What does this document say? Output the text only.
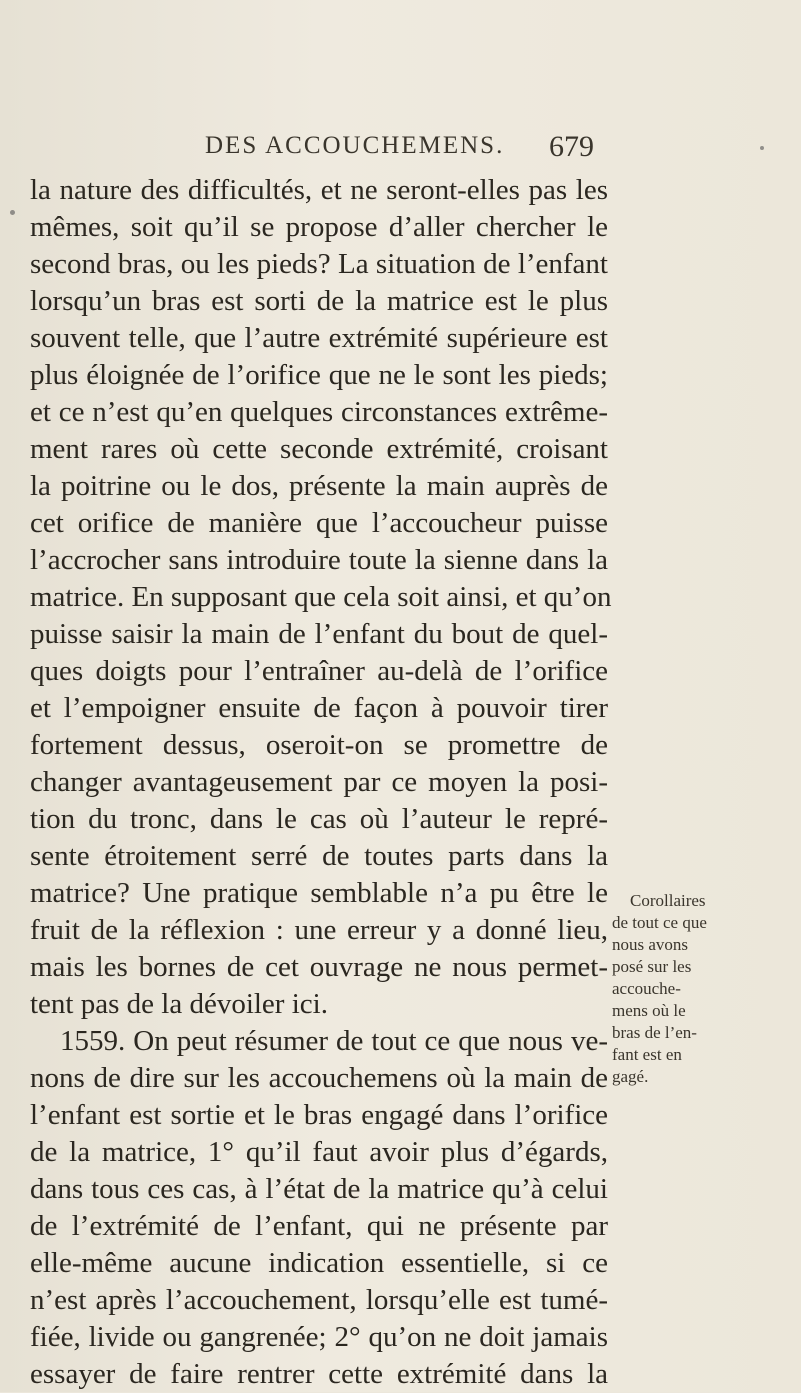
DES ACCOUCHEMENS. 679
la nature des difficultés, et ne seront-elles pas les
mêmes, soit qu’il se propose d’aller chercher le
second bras, ou les pieds? La situation de l’enfant
lorsqu’un bras est sorti de la matrice est le plus
souvent telle, que l’autre extrémité supérieure est
plus éloignée de l’orifice que ne le sont les pieds;
et ce n’est qu’en quelques circonstances extrême-
ment rares où cette seconde extrémité, croisant
la poitrine ou le dos, présente la main auprès de
cet orifice de manière que l’accoucheur puisse
l’accrocher sans introduire toute la sienne dans la
matrice. En supposant que cela soit ainsi, et qu’on
puisse saisir la main de l’enfant du bout de quel-
ques doigts pour l’entraîner au-delà de l’orifice
et l’empoigner ensuite de façon à pouvoir tirer
fortement dessus, oseroit-on se promettre de
changer avantageusement par ce moyen la posi-
tion du tronc, dans le cas où l’auteur le repré-
sente étroitement serré de toutes parts dans la
matrice? Une pratique semblable n’a pu être le
fruit de la réflexion : une erreur y a donné lieu,
mais les bornes de cet ouvrage ne nous permet-
tent pas de la dévoiler ici.
1559. On peut résumer de tout ce que nous ve-
nons de dire sur les accouchemens où la main de
l’enfant est sortie et le bras engagé dans l’orifice
de la matrice, 1° qu’il faut avoir plus d’égards,
dans tous ces cas, à l’état de la matrice qu’à celui
de l’extrémité de l’enfant, qui ne présente par
elle-même aucune indication essentielle, si ce
n’est après l’accouchement, lorsqu’elle est tumé-
fiée, livide ou gangrenée; 2° qu’on ne doit jamais
essayer de faire rentrer cette extrémité dans la
Corollaires
de tout ce que
nous avons
posé sur les
accouche-
mens où le
bras de l’en-
fant est en
gagé.
